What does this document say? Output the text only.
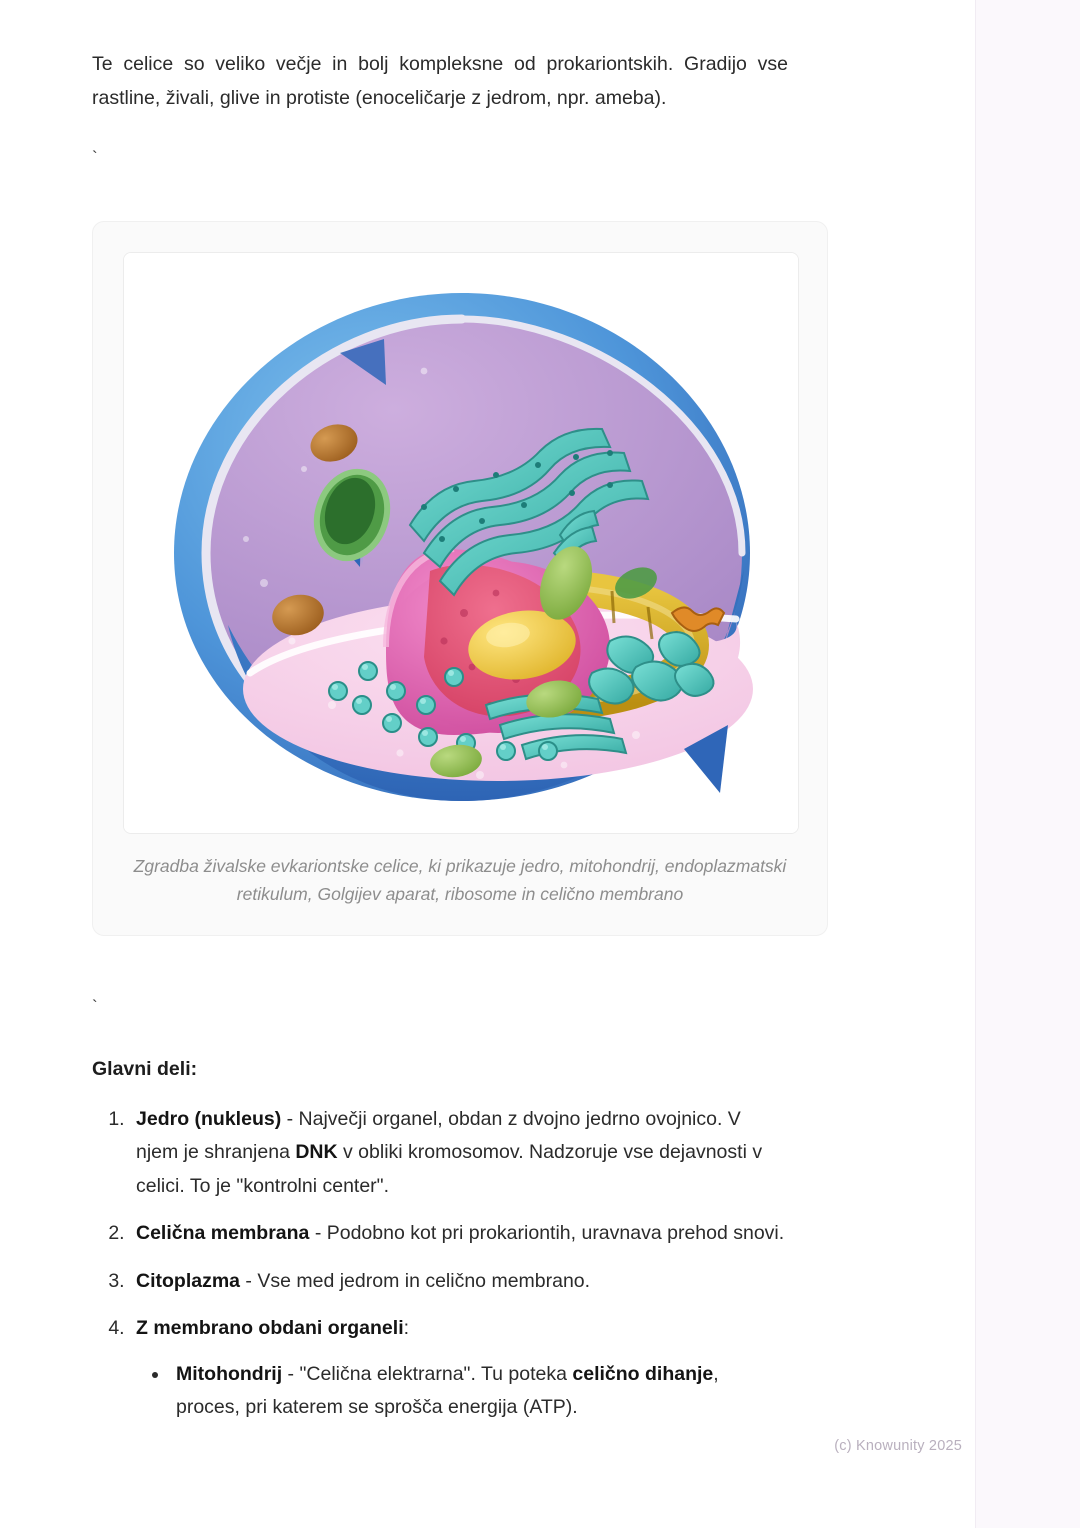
Te celice so veliko večje in bolj kompleksne od prokariontskih. Gradijo vse rastline, živali, glive in protiste (enoceličarje z jedrom, npr. ameba).

`
Zgradba živalske evkariontske celice, ki prikazuje jedro, mitohondrij, endoplazmatski retikulum, Golgijev aparat, ribosome in celično membrano
`
Glavni deli:
1. Jedro (nukleus) - Največji organel, obdan z dvojno jedrno ovojnico. V njem je shranjena DNK v obliki kromosomov. Nadzoruje vse dejavnosti v celici. To je "kontrolni center".
2. Celična membrana - Podobno kot pri prokariontih, uravnava prehod snovi.
3. Citoplazma - Vse med jedrom in celično membrano.
4. Z membrano obdani organeli:
• Mitohondrij - "Celična elektrarna". Tu poteka celično dihanje, proces, pri katerem se sprošča energija (ATP).
(c) Knowunity 2025
